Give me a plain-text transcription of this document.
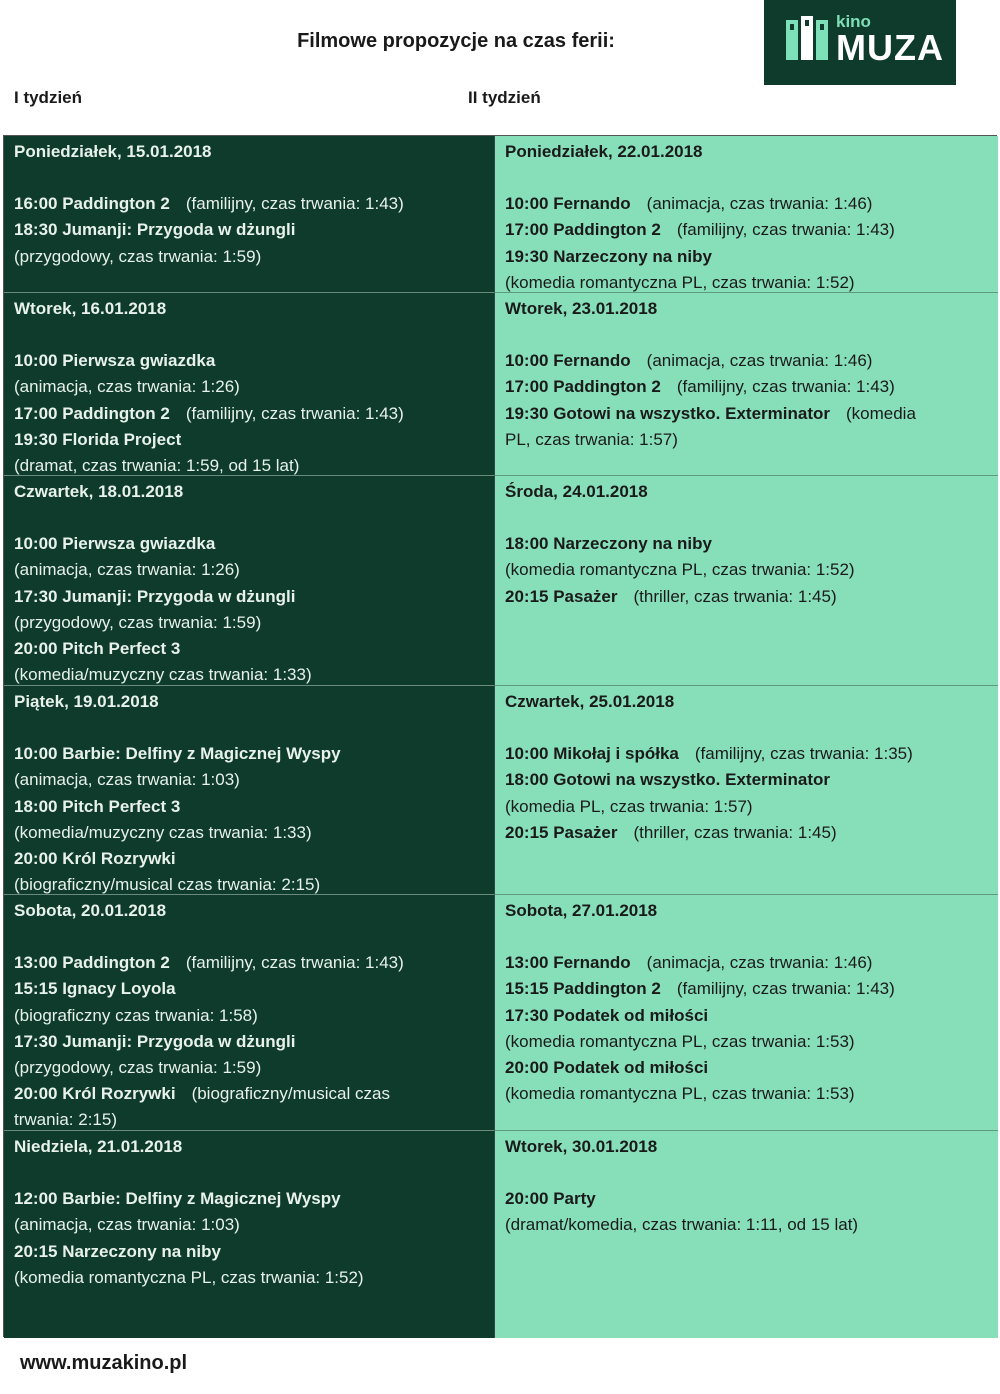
Filmowe propozycje na czas ferii:
kino
MUZA
I tydzień	II tydzień
Poniedziałek, 15.01.2018
16:00 Paddington 2 (familijny, czas trwania: 1:43)
18:30 Jumanji: Przygoda w dżungli
(przygodowy, czas trwania: 1:59)
Poniedziałek, 22.01.2018
10:00 Fernando (animacja, czas trwania: 1:46)
17:00 Paddington 2 (familijny, czas trwania: 1:43)
19:30 Narzeczony na niby
(komedia romantyczna PL, czas trwania: 1:52)
Wtorek, 16.01.2018
10:00 Pierwsza gwiazdka
(animacja, czas trwania: 1:26)
17:00 Paddington 2 (familijny, czas trwania: 1:43)
19:30 Florida Project
(dramat, czas trwania: 1:59, od 15 lat)
Wtorek, 23.01.2018
10:00 Fernando (animacja, czas trwania: 1:46)
17:00 Paddington 2 (familijny, czas trwania: 1:43)
19:30 Gotowi na wszystko. Exterminator (komedia
PL, czas trwania: 1:57)
Czwartek, 18.01.2018
10:00 Pierwsza gwiazdka
(animacja, czas trwania: 1:26)
17:30 Jumanji: Przygoda w dżungli
(przygodowy, czas trwania: 1:59)
20:00 Pitch Perfect 3
(komedia/muzyczny czas trwania: 1:33)
Środa, 24.01.2018
18:00 Narzeczony na niby
(komedia romantyczna PL, czas trwania: 1:52)
20:15 Pasażer (thriller, czas trwania: 1:45)
Piątek, 19.01.2018
10:00 Barbie: Delfiny z Magicznej Wyspy
(animacja, czas trwania: 1:03)
18:00 Pitch Perfect 3
(komedia/muzyczny czas trwania: 1:33)
20:00 Król Rozrywki
(biograficzny/musical czas trwania: 2:15)
Czwartek, 25.01.2018
10:00 Mikołaj i spółka (familijny, czas trwania: 1:35)
18:00 Gotowi na wszystko. Exterminator
(komedia PL, czas trwania: 1:57)
20:15 Pasażer (thriller, czas trwania: 1:45)
Sobota, 20.01.2018
13:00 Paddington 2 (familijny, czas trwania: 1:43)
15:15 Ignacy Loyola
(biograficzny czas trwania: 1:58)
17:30 Jumanji: Przygoda w dżungli
(przygodowy, czas trwania: 1:59)
20:00 Król Rozrywki (biograficzny/musical czas
trwania: 2:15)
Sobota, 27.01.2018
13:00 Fernando (animacja, czas trwania: 1:46)
15:15 Paddington 2 (familijny, czas trwania: 1:43)
17:30 Podatek od miłości
(komedia romantyczna PL, czas trwania: 1:53)
20:00 Podatek od miłości
(komedia romantyczna PL, czas trwania: 1:53)
Niedziela, 21.01.2018
12:00 Barbie: Delfiny z Magicznej Wyspy
(animacja, czas trwania: 1:03)
20:15 Narzeczony na niby
(komedia romantyczna PL, czas trwania: 1:52)
Wtorek, 30.01.2018
20:00 Party
(dramat/komedia, czas trwania: 1:11, od 15 lat)
www.muzakino.pl
